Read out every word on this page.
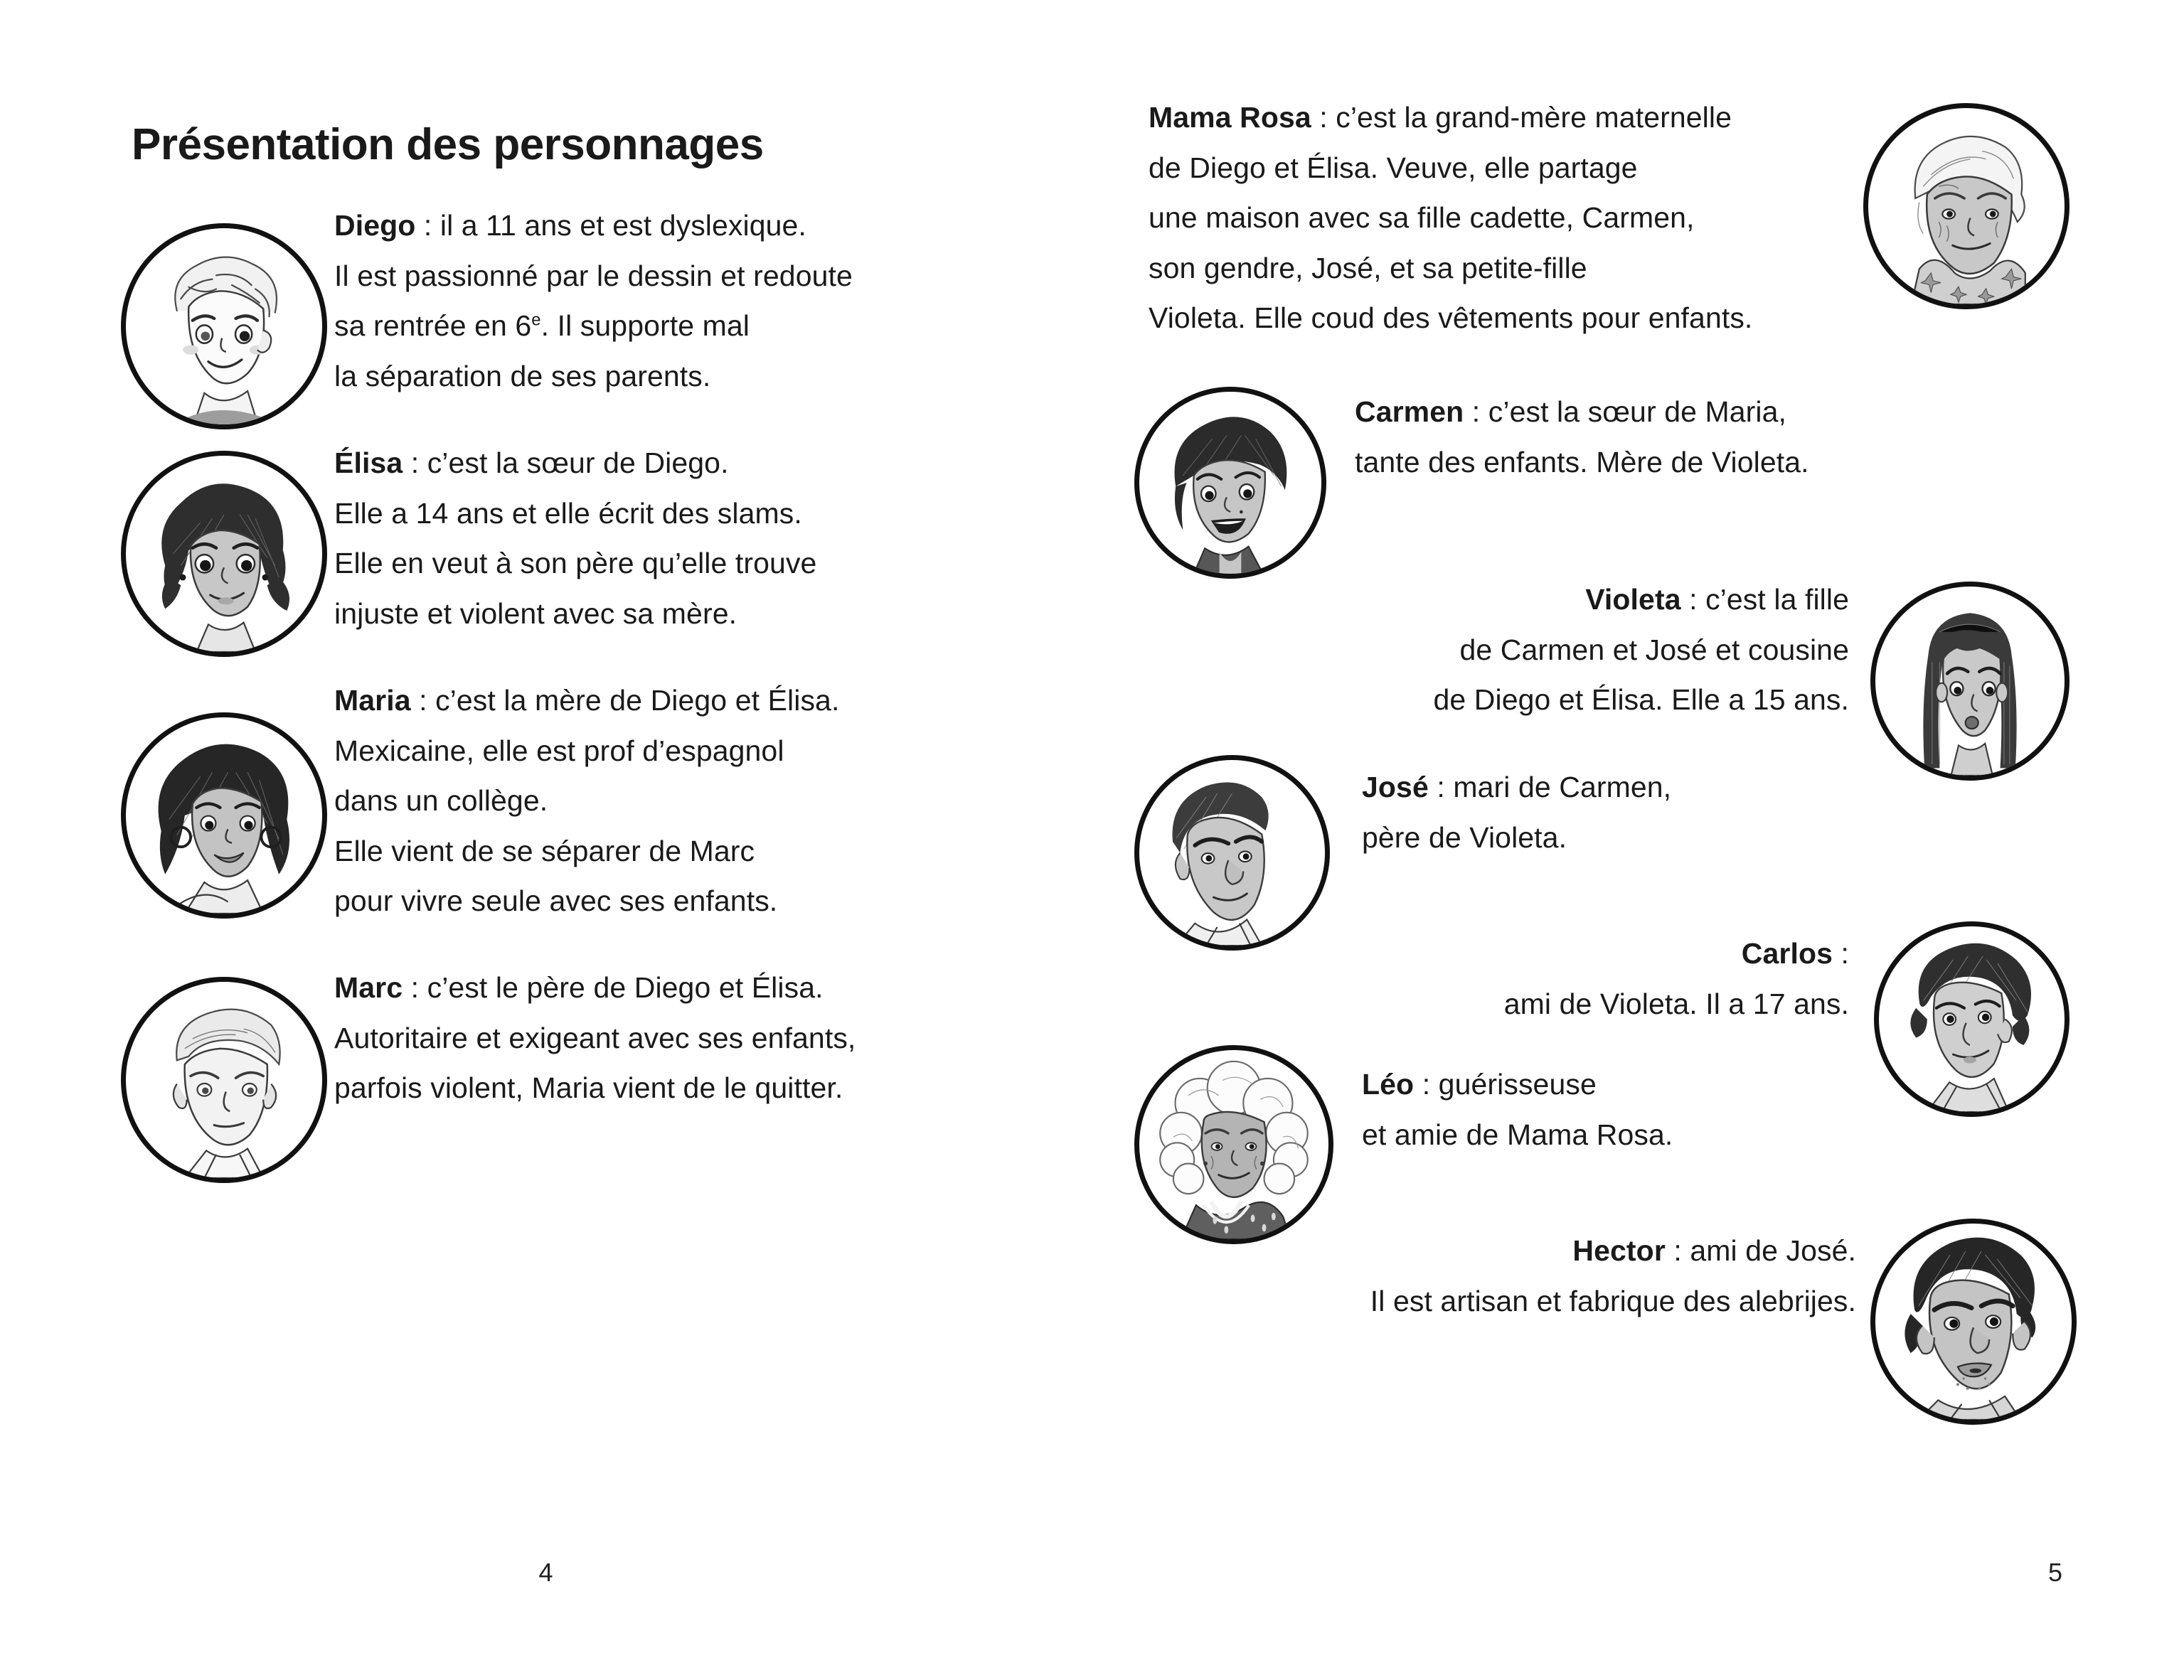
Présentation des personnages
Diego : il a 11 ans et est dyslexique.
Il est passionné par le dessin et redoute
sa rentrée en 6e. Il supporte mal
la séparation de ses parents.
Élisa : c’est la sœur de Diego.
Elle a 14 ans et elle écrit des slams.
Elle en veut à son père qu’elle trouve
injuste et violent avec sa mère.
Maria : c’est la mère de Diego et Élisa.
Mexicaine, elle est prof d’espagnol
dans un collège.
Elle vient de se séparer de Marc
pour vivre seule avec ses enfants.
Marc : c’est le père de Diego et Élisa.
Autoritaire et exigeant avec ses enfants,
parfois violent, Maria vient de le quitter.
4
Mama Rosa : c’est la grand-mère maternelle
de Diego et Élisa. Veuve, elle partage
une maison avec sa fille cadette, Carmen,
son gendre, José, et sa petite-fille
Violeta. Elle coud des vêtements pour enfants.
Carmen : c’est la sœur de Maria,
tante des enfants. Mère de Violeta.
Violeta : c’est la fille
de Carmen et José et cousine
de Diego et Élisa. Elle a 15 ans.
José : mari de Carmen,
père de Violeta.
Carlos :
ami de Violeta. Il a 17 ans.
Léo : guérisseuse
et amie de Mama Rosa.
Hector : ami de José.
Il est artisan et fabrique des alebrijes.
5
